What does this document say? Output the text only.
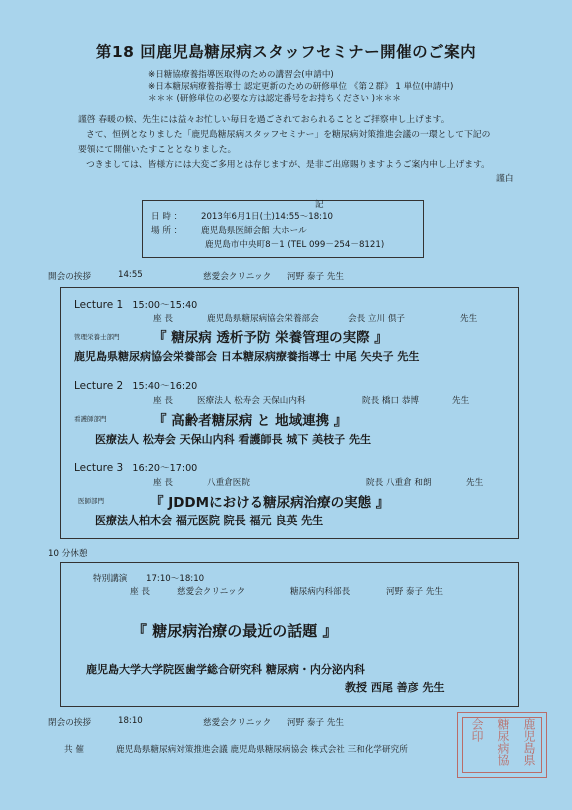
第18 回鹿児島糖尿病スタッフセミナー開催のご案内
※日糖協療養指導医取得のための講習会(申請中)
※日本糖尿病療養指導士 認定更新のための研修単位 《第２群》 1 単位(申請中)
＊＊＊ (研修単位の必要な方は認定番号をお持ちください )＊＊＊
謹啓 春暖の候、先生には益々お忙しい毎日を過ごされておられることとご拝察申し上げます。
さて、恒例となりました「鹿児島糖尿病スタッフセミナー」を糖尿病対策推進会議の一環として下記の
要領にて開催いたすこととなりました。
つきましては、皆様方には大変ご多用とは存じますが、是非ご出席賜りますようご案内申し上げます。
謹白
記
日 時 ： 2013年6月1日(土)14:55～18:10
場 所 ： 鹿児島県医師会館 大ホール
鹿児島市中央町8－1 (TEL 099－254－8121)
開会の挨拶	14:55	慈愛会クリニック 河野 泰子 先生
Lecture 1 15:00～15:40
座 長	鹿児島県糖尿病協会栄養部会	会長 立川 倶子	先生
管理栄養士部門 『 糖尿病 透析予防 栄養管理の実際 』
鹿児島県糖尿病協会栄養部会 日本糖尿病療養指導士 中尾 矢央子 先生
Lecture 2 15:40～16:20
座 長	医療法人 松寿会 天保山内科	院長 橋口 恭博	先生
看護師部門	『 高齢者糖尿病 と 地域連携 』
医療法人 松寿会 天保山内科 看護師長 城下 美枝子 先生
Lecture 3 16:20～17:00
座 長	八重倉医院	院長 八重倉 和朗	先生
医師部門	『 JDDMにおける糖尿病治療の実態 』
医療法人柏木会 福元医院 院長 福元 良英 先生
10 分休憩
特別講演 17:10～18:10
座 長	慈愛会クリニック	糖尿病内科部長	河野 泰子 先生
『 糖尿病治療の最近の話題 』
鹿児島大学大学院医歯学総合研究科 糖尿病・内分泌内科
教授 西尾 善彦 先生
閉会の挨拶	18:10	慈愛会クリニック 河野 泰子 先生
共 催	鹿児島県糖尿病対策推進会議 鹿児島県糖尿病協会 株式会社 三和化学研究所	鹿児島県
糖尿病協
会印
